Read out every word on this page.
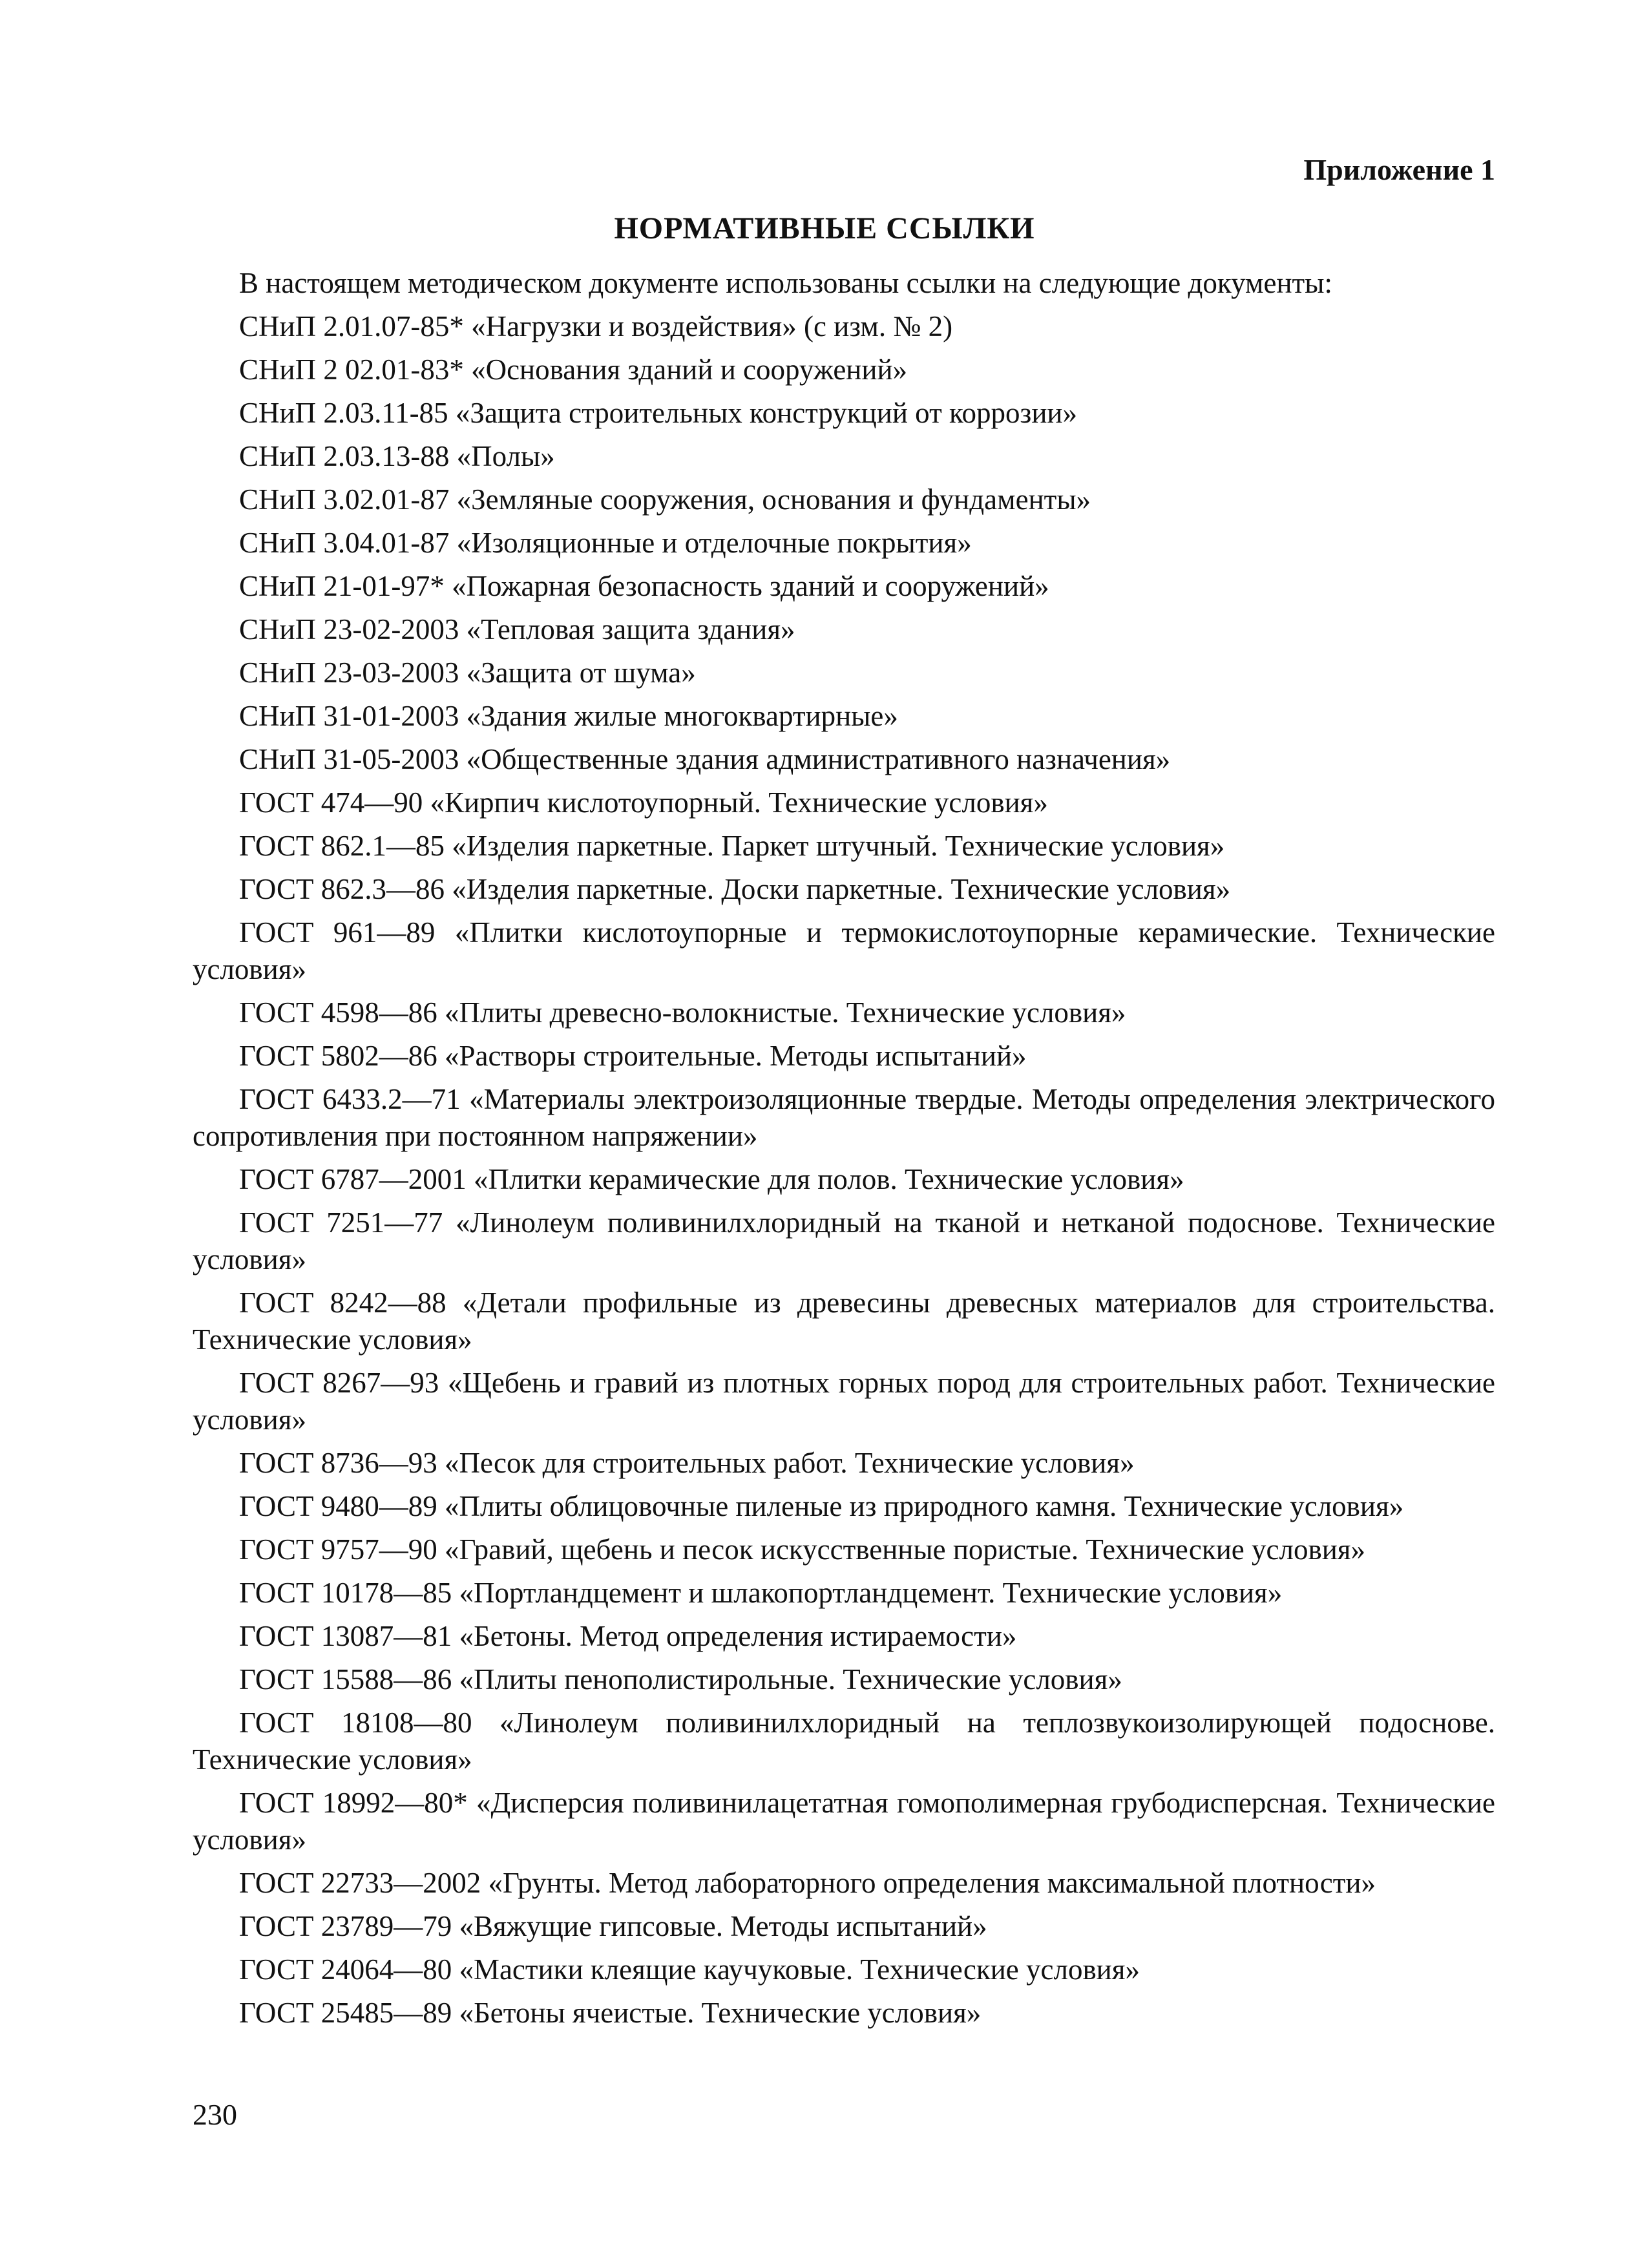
Приложение 1
НОРМАТИВНЫЕ ССЫЛКИ

В настоящем методическом документе использованы ссылки на следующие документы:

СНиП 2.01.07-85* «Нагрузки и воздействия» (с изм. № 2)

СНиП 2 02.01-83* «Основания зданий и сооружений»

СНиП 2.03.11-85 «Защита строительных конструкций от коррозии»

СНиП 2.03.13-88 «Полы»

СНиП 3.02.01-87 «Земляные сооружения, основания и фундаменты»

СНиП 3.04.01-87 «Изоляционные и отделочные покрытия»

СНиП 21-01-97* «Пожарная безопасность зданий и сооружений»

СНиП 23-02-2003 «Тепловая защита здания»

СНиП 23-03-2003 «Защита от шума»

СНиП 31-01-2003 «Здания жилые многоквартирные»

СНиП 31-05-2003 «Общественные здания административного назначения»

ГОСТ 474—90 «Кирпич кислотоупорный. Технические условия»

ГОСТ 862.1—85 «Изделия паркетные. Паркет штучный. Технические условия»

ГОСТ 862.3—86 «Изделия паркетные. Доски паркетные. Технические условия»

ГОСТ 961—89 «Плитки кислотоупорные и термокислотоупорные керамические. Технические условия»

ГОСТ 4598—86 «Плиты древесно-волокнистые. Технические условия»

ГОСТ 5802—86 «Растворы строительные. Методы испытаний»

ГОСТ 6433.2—71 «Материалы электроизоляционные твердые. Методы определения электрического сопротивления при постоянном напряжении»

ГОСТ 6787—2001 «Плитки керамические для полов. Технические условия»

ГОСТ 7251—77 «Линолеум поливинилхлоридный на тканой и нетканой подоснове. Технические условия»

ГОСТ 8242—88 «Детали профильные из древесины древесных материалов для строительства. Технические условия»

ГОСТ 8267—93 «Щебень и гравий из плотных горных пород для строительных работ. Технические условия»

ГОСТ 8736—93 «Песок для строительных работ. Технические условия»

ГОСТ 9480—89 «Плиты облицовочные пиленые из природного камня. Технические условия»

ГОСТ 9757—90 «Гравий, щебень и песок искусственные пористые. Технические условия»

ГОСТ 10178—85 «Портландцемент и шлакопортландцемент. Технические условия»

ГОСТ 13087—81 «Бетоны. Метод определения истираемости»

ГОСТ 15588—86 «Плиты пенополистирольные. Технические условия»

ГОСТ 18108—80 «Линолеум поливинилхлоридный на теплозвукоизолирующей подоснове. Технические условия»

ГОСТ 18992—80* «Дисперсия поливинилацетатная гомополимерная грубодисперсная. Технические условия»

ГОСТ 22733—2002 «Грунты. Метод лабораторного определения максимальной плотности»

ГОСТ 23789—79 «Вяжущие гипсовые. Методы испытаний»

ГОСТ 24064—80 «Мастики клеящие каучуковые. Технические условия»

ГОСТ 25485—89 «Бетоны ячеистые. Технические условия»

230
